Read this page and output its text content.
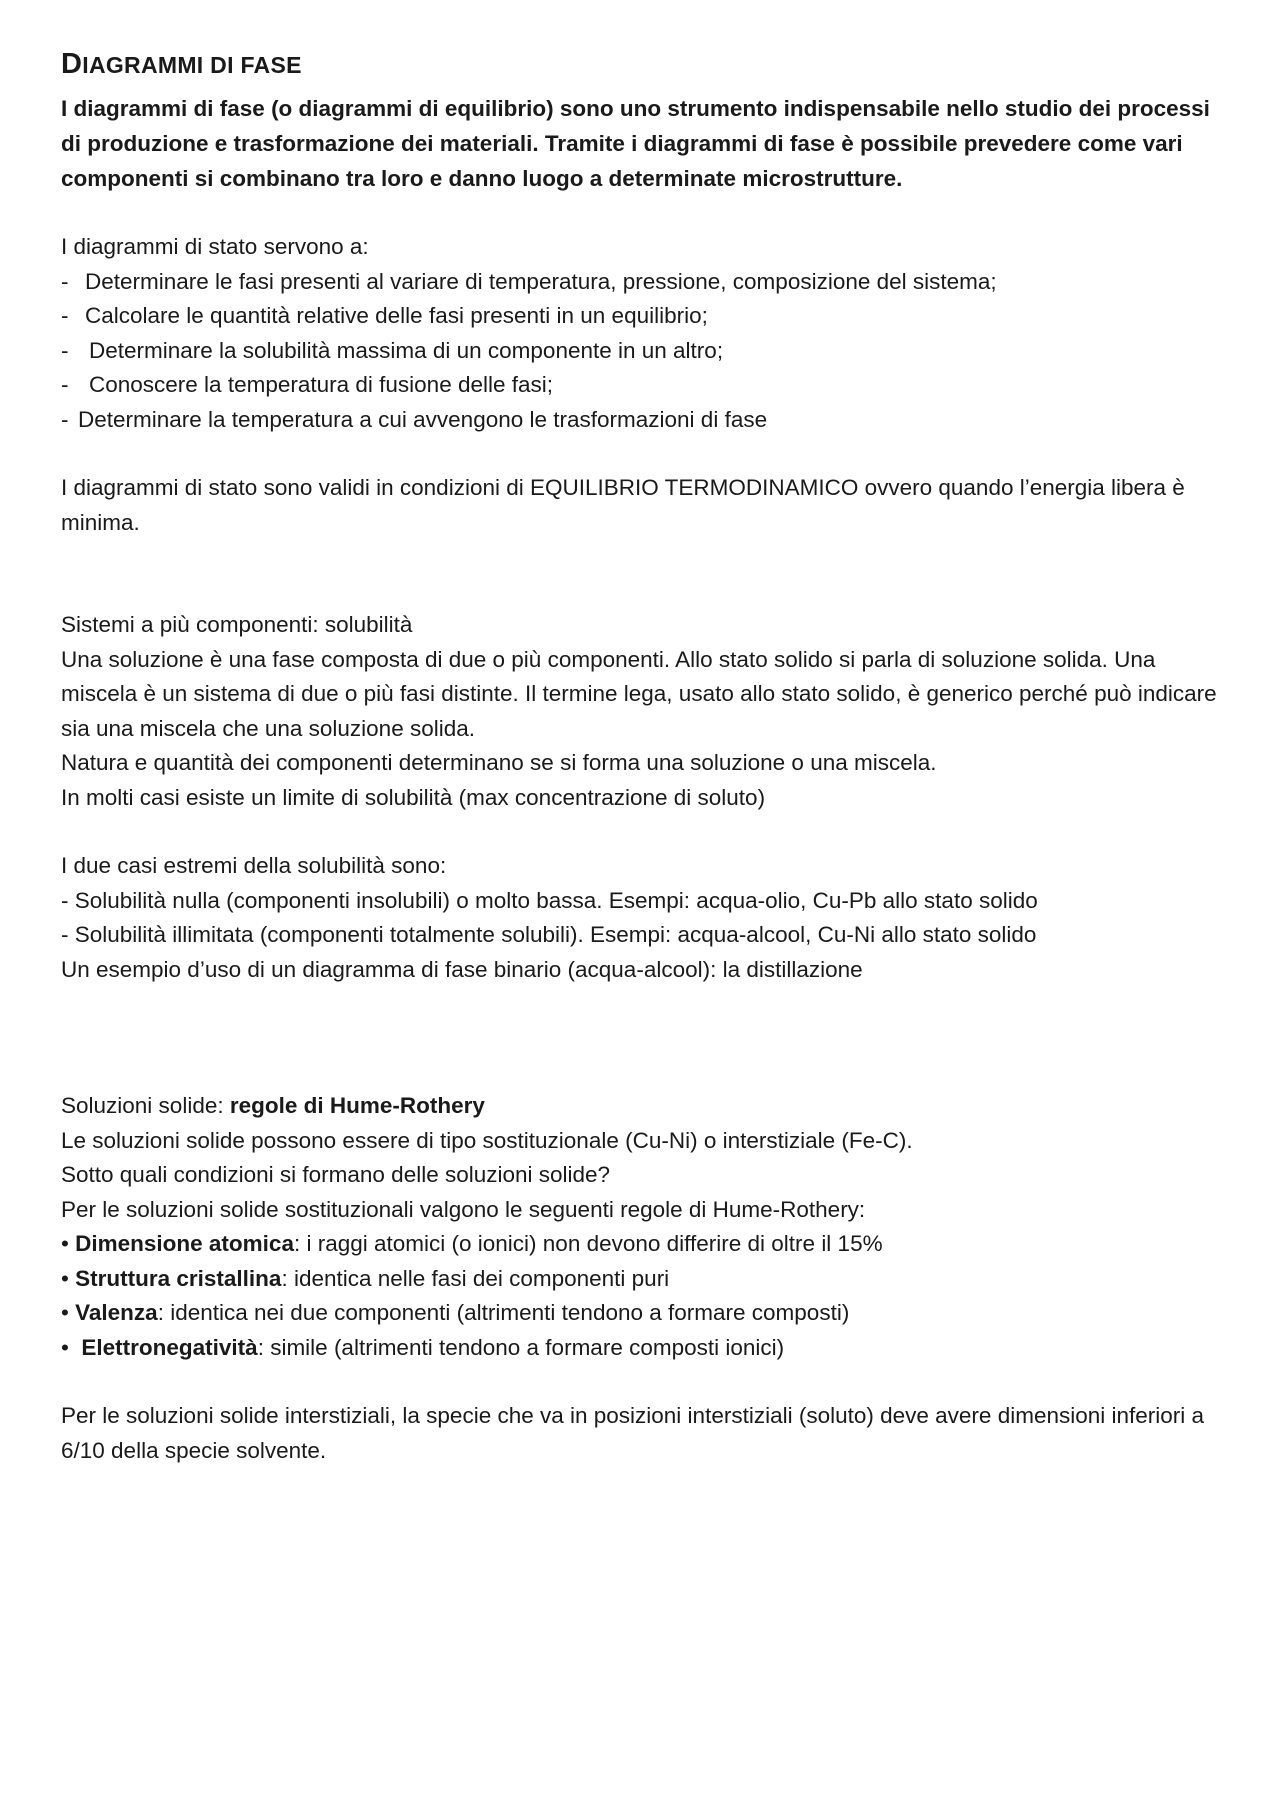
DIAGRAMMI DI FASE

I diagrammi di fase (o diagrammi di equilibrio) sono uno strumento indispensabile nello studio dei processi di produzione e trasformazione dei materiali. Tramite i diagrammi di fase è possibile prevedere come vari componenti si combinano tra loro e danno luogo a determinate microstrutture.

I diagrammi di stato servono a:

- Determinare le fasi presenti al variare di temperatura, pressione, composizione del sistema;
- Calcolare le quantità relative delle fasi presenti in un equilibrio;
- Determinare la solubilità massima di un componente in un altro;
- Conoscere la temperatura di fusione delle fasi;
- Determinare la temperatura a cui avvengono le trasformazioni di fase

I diagrammi di stato sono validi in condizioni di EQUILIBRIO TERMODINAMICO ovvero quando l’energia libera è minima.

Sistemi a più componenti: solubilità

Una soluzione è una fase composta di due o più componenti. Allo stato solido si parla di soluzione solida. Una miscela è un sistema di due o più fasi distinte. Il termine lega, usato allo stato solido, è generico perché può indicare sia una miscela che una soluzione solida.

Natura e quantità dei componenti determinano se si forma una soluzione o una miscela.

In molti casi esiste un limite di solubilità (max concentrazione di soluto)

I due casi estremi della solubilità sono:

- Solubilità nulla (componenti insolubili) o molto bassa. Esempi: acqua-olio, Cu-Pb allo stato solido

- Solubilità illimitata (componenti totalmente solubili). Esempi: acqua-alcool, Cu-Ni allo stato solido

Un esempio d’uso di un diagramma di fase binario (acqua-alcool): la distillazione

Soluzioni solide: regole di Hume-Rothery

Le soluzioni solide possono essere di tipo sostituzionale (Cu-Ni) o interstiziale (Fe-C).

Sotto quali condizioni si formano delle soluzioni solide?

Per le soluzioni solide sostituzionali valgono le seguenti regole di Hume-Rothery:

• Dimensione atomica: i raggi atomici (o ionici) non devono differire di oltre il 15%
• Struttura cristallina: identica nelle fasi dei componenti puri
• Valenza: identica nei due componenti (altrimenti tendono a formare composti)
•  Elettronegatività: simile (altrimenti tendono a formare composti ionici)

Per le soluzioni solide interstiziali, la specie che va in posizioni interstiziali (soluto) deve avere dimensioni inferiori a 6/10 della specie solvente.
